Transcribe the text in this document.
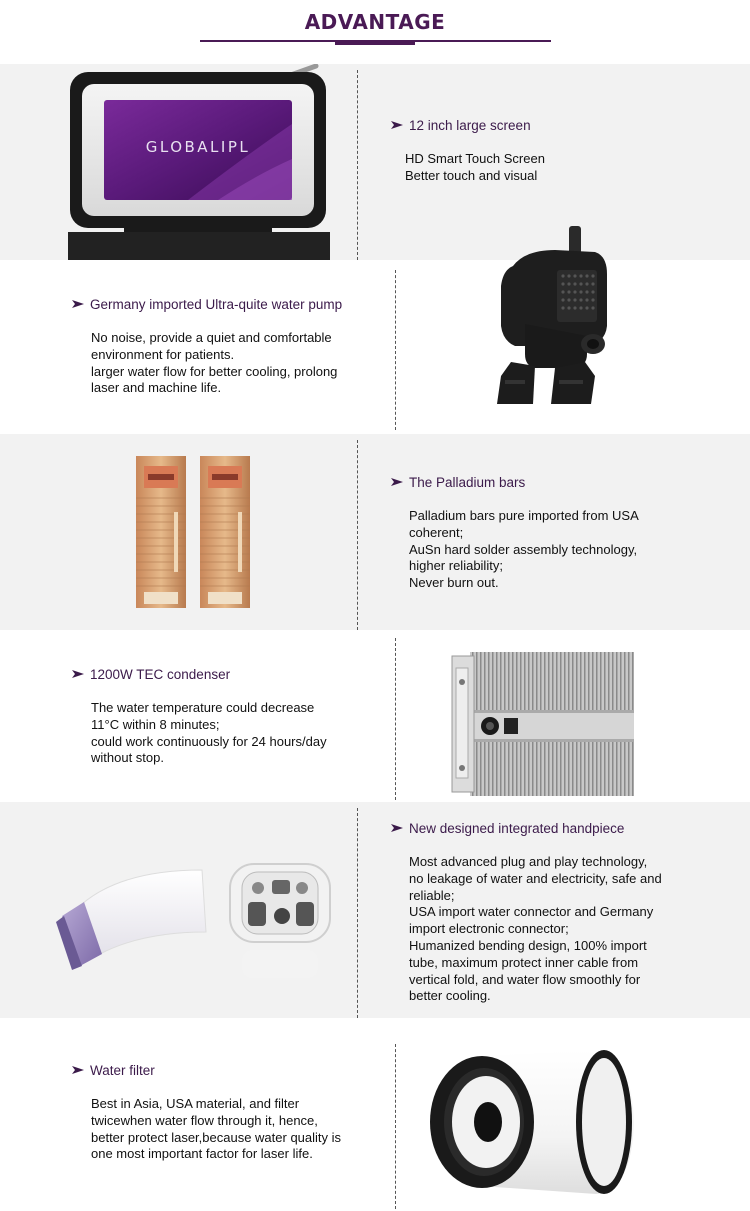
ADVANTAGE
GLOBALIPL
12 inch large screen
HD Smart Touch Screen
Better touch and visual
Germany imported Ultra-quite water pump
No noise, provide a quiet and comfortable
environment for patients.
larger water flow for better cooling, prolong
laser and machine life.
The Palladium bars
Palladium bars pure imported from USA
coherent;
AuSn hard solder assembly technology,
higher reliability;
Never burn out.
1200W TEC condenser
The water temperature could decrease
11°C within 8 minutes;
could work continuously for 24 hours/day
without stop.
New designed integrated handpiece
Most advanced plug and play technology,
no leakage of water and electricity, safe and
reliable;
USA import water connector and Germany
import electronic connector;
Humanized bending design, 100% import
tube, maximum protect inner cable from
vertical fold, and water flow smoothly for
better cooling.
Water filter
Best in Asia, USA material, and filter
twicewhen water flow through it, hence,
better protect laser,because water quality is
one most important factor for laser life.
